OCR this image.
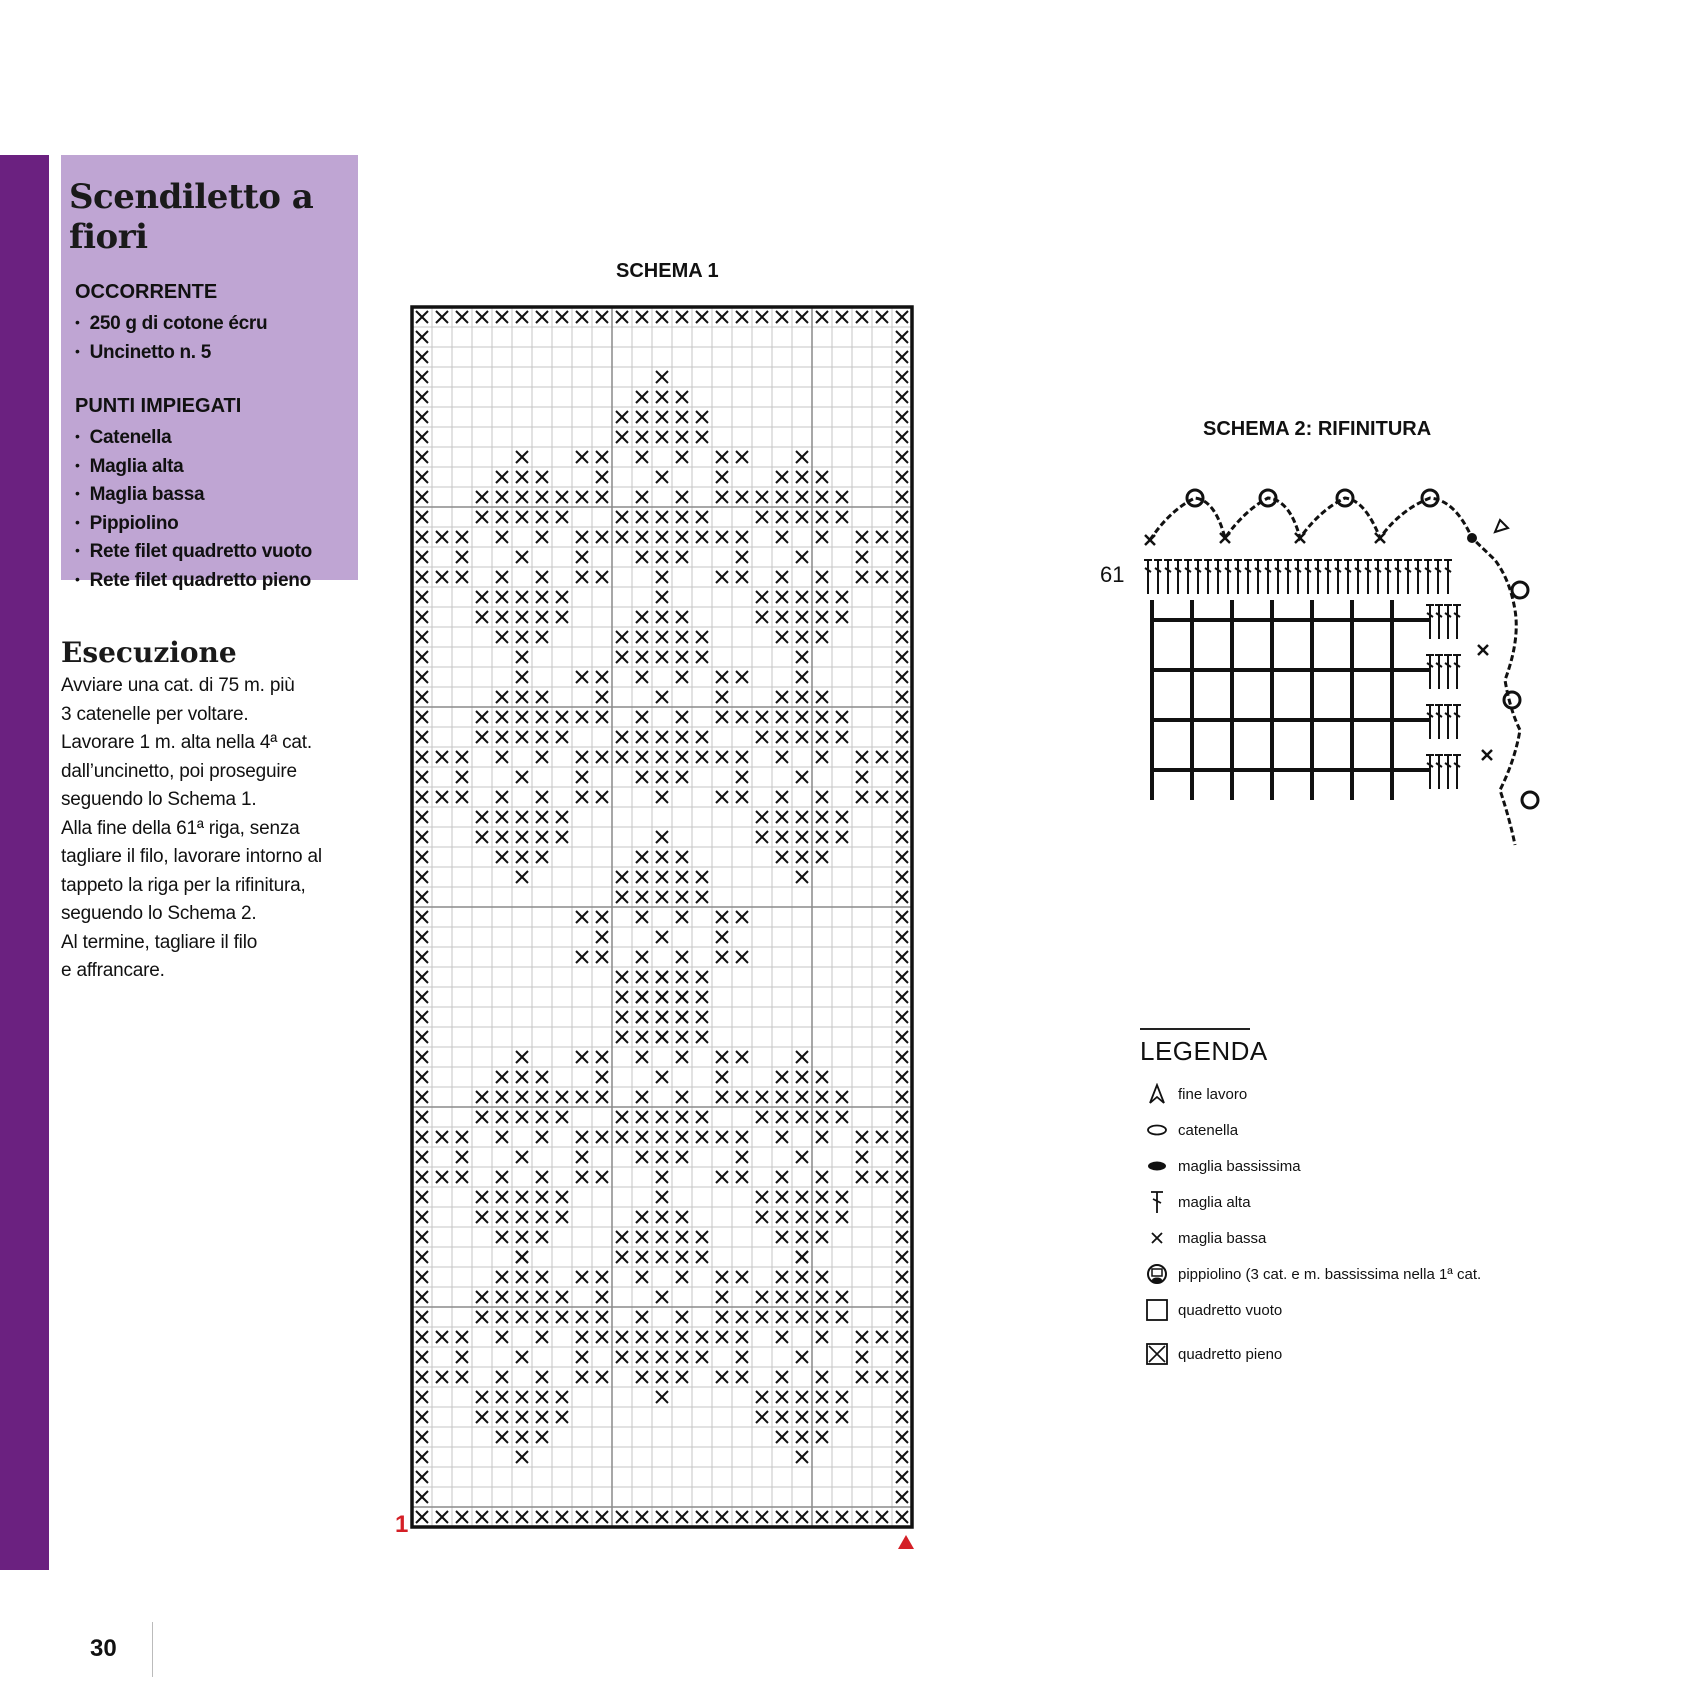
Scendiletto a fiori
OCCORRENTE
• 250 g di cotone écru
• Uncinetto n. 5
PUNTI IMPIEGATI
• Catenella
• Maglia alta
• Maglia bassa
• Pippiolino
• Rete filet quadretto vuoto
• Rete filet quadretto pieno
Esecuzione
Avviare una cat. di 75 m. più
3 catenelle per voltare.
Lavorare 1 m. alta nella 4ª cat.
dall’uncinetto, poi proseguire
seguendo lo Schema 1.
Alla fine della 61ª riga, senza
tagliare il filo, lavorare intorno al
tappeto la riga per la rifinitura,
seguendo lo Schema 2.
Al termine, tagliare il filo
e affrancare.
SCHEMA 1
1
SCHEMA 2: RIFINITURA
61
LEGENDA
fine lavoro
catenella
maglia bassissima
maglia alta
maglia bassa
pippiolino (3 cat. e m. bassissima nella 1ª cat.
quadretto vuoto
quadretto pieno
30
